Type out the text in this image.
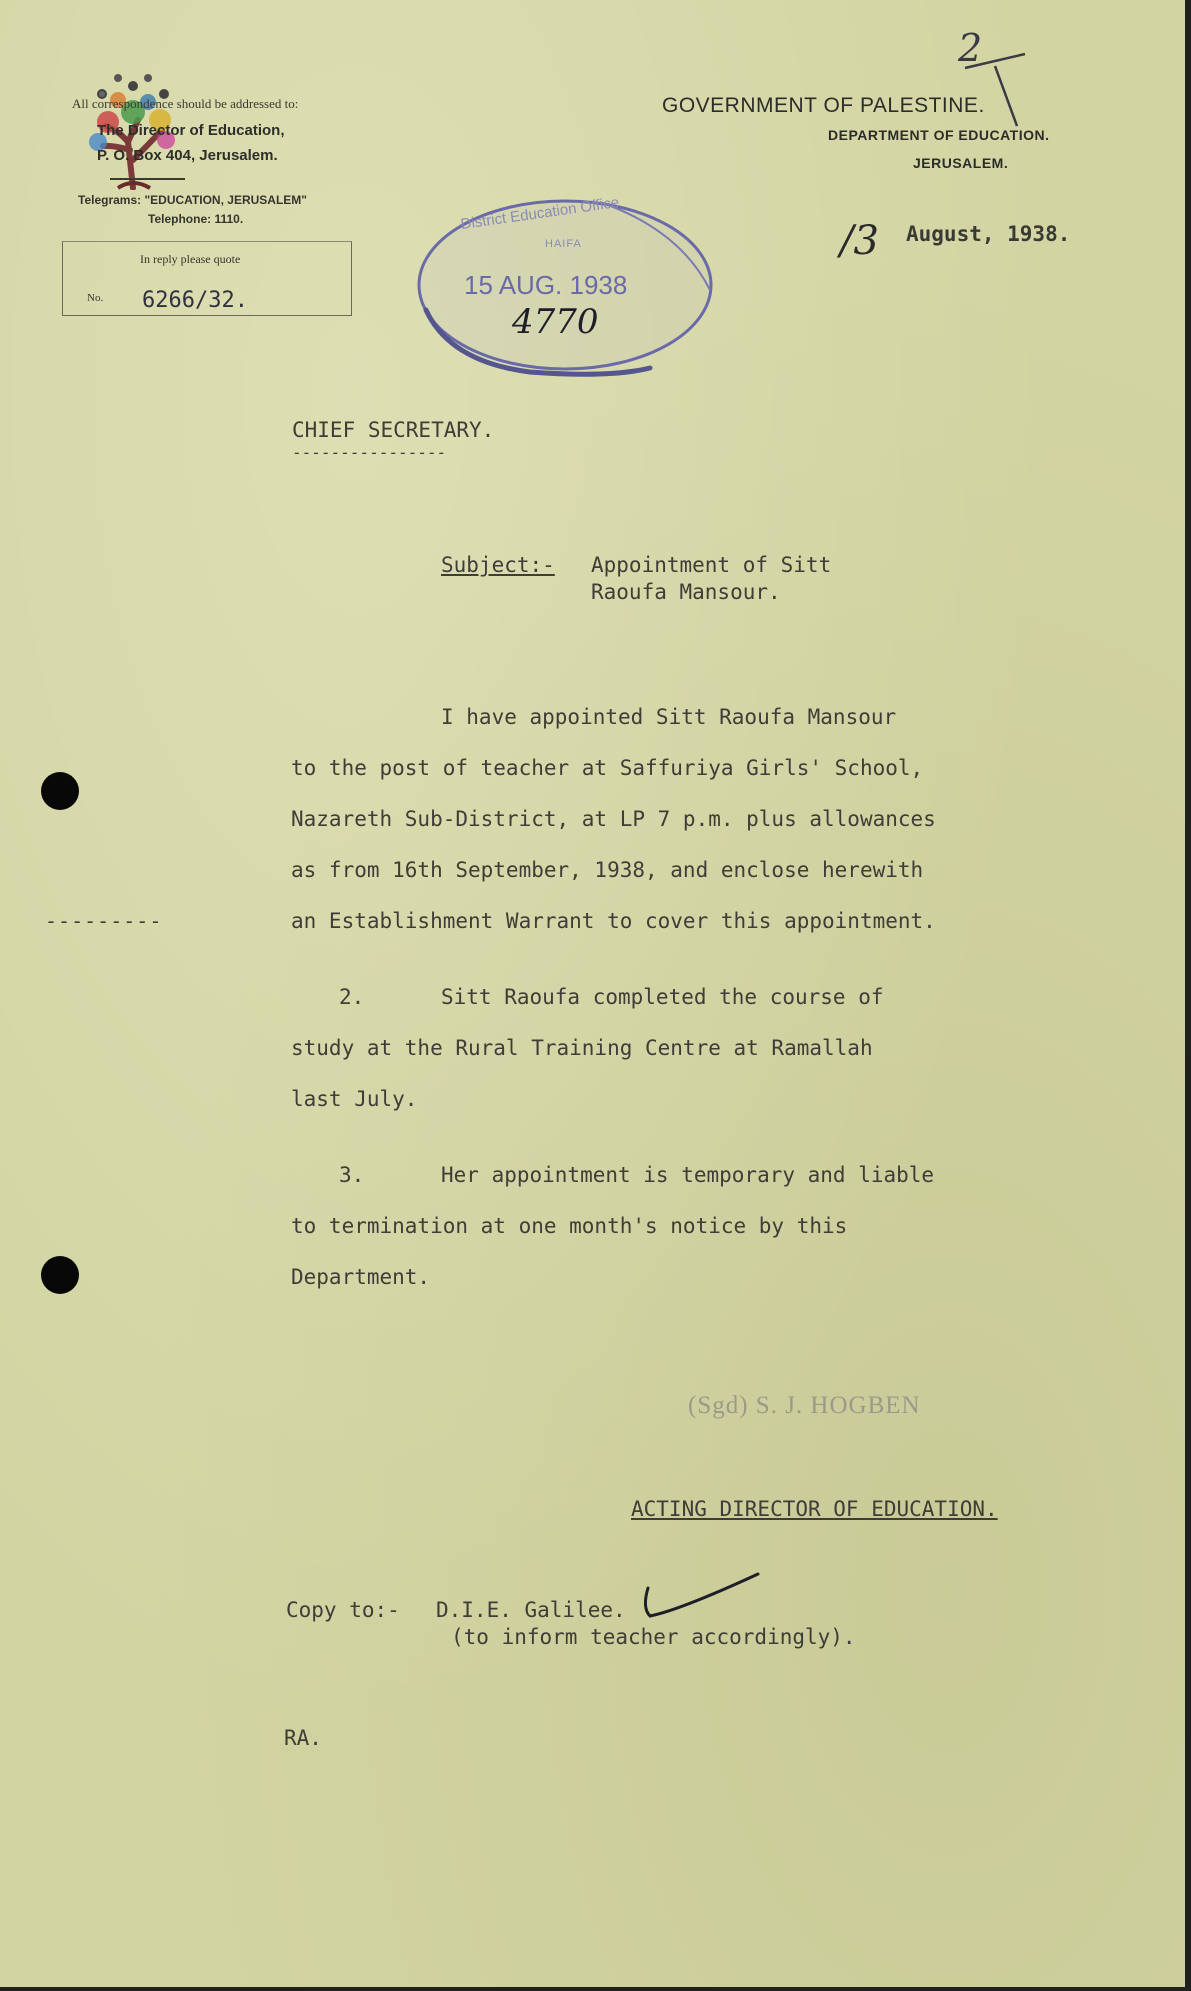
All correspondence should be addressed to:
The Director of Education,
P. O. Box 404, Jerusalem.
Telegrams: "EDUCATION, JERUSALEM"
Telephone: 1110.
In reply please quote
No. 6266/32.
GOVERNMENT OF PALESTINE.
DEPARTMENT OF EDUCATION.
JERUSALEM.
2
/3 August, 1938.
District Education Office
HAIFA
15 AUG. 1938
4770
CHIEF SECRETARY.
----------------
Subject:- Appointment of Sitt
Raoufa Mansour.
I have appointed Sitt Raoufa Mansour
to the post of teacher at Saffuriya Girls' School,
Nazareth Sub-District, at LP 7 p.m. plus allowances
as from 16th September, 1938, and enclose herewith
an Establishment Warrant to cover this appointment.
---------
2.	Sitt Raoufa completed the course of
study at the Rural Training Centre at Ramallah
last July.
3.	Her appointment is temporary and liable
to termination at one month's notice by this
Department.
(Sgd) S. J. HOGBEN
ACTING DIRECTOR OF EDUCATION.
Copy to:- D.I.E. Galilee.
(to inform teacher accordingly).
RA.
